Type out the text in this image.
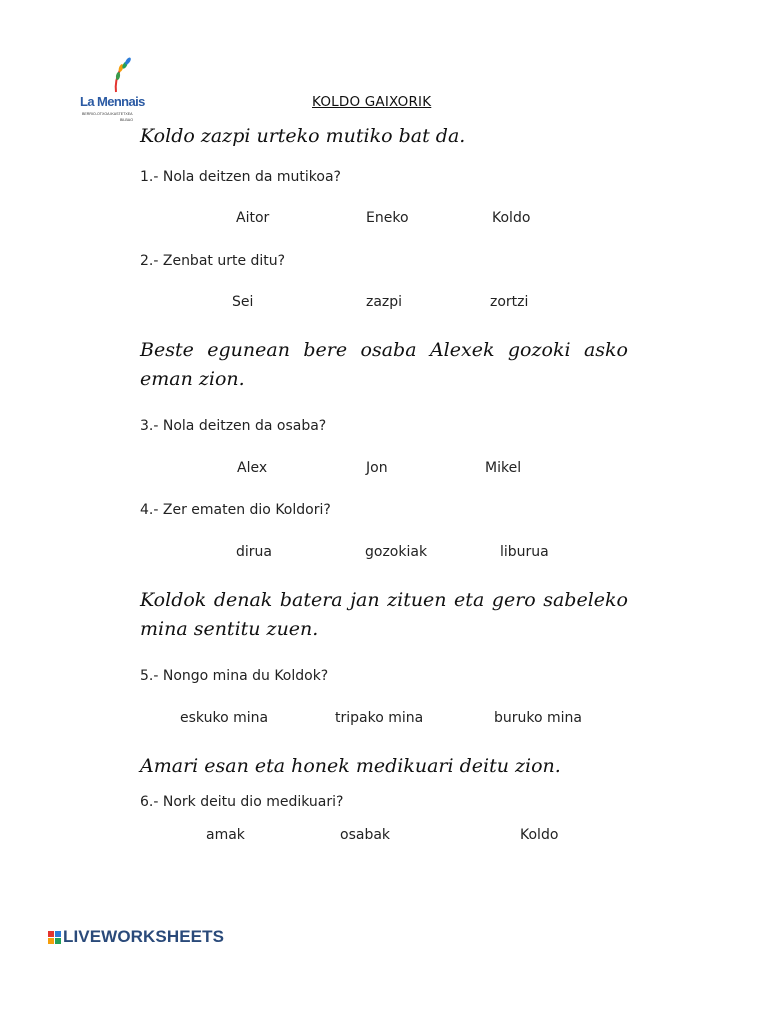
La Mennais
BERRIO-OTXOA IKASTETXEA
BILBAO
KOLDO GAIXORIK
Koldo zazpi urteko mutiko bat da.
1.- Nola deitzen da mutikoa?
Aitor	Eneko	Koldo
2.- Zenbat urte ditu?
Sei	zazpi	zortzi
Beste egunean bere osaba Alexek gozoki asko eman zion.
3.- Nola deitzen da osaba?
Alex	Jon	Mikel
4.- Zer ematen dio Koldori?
dirua	gozokiak	liburua
Koldok denak batera jan zituen eta gero sabeleko mina sentitu zuen.
5.- Nongo mina du Koldok?
eskuko mina	tripako mina	buruko mina
Amari esan eta honek medikuari deitu zion.
6.- Nork deitu dio medikuari?
amak	osabak	Koldo
LIVEWORKSHEETS
